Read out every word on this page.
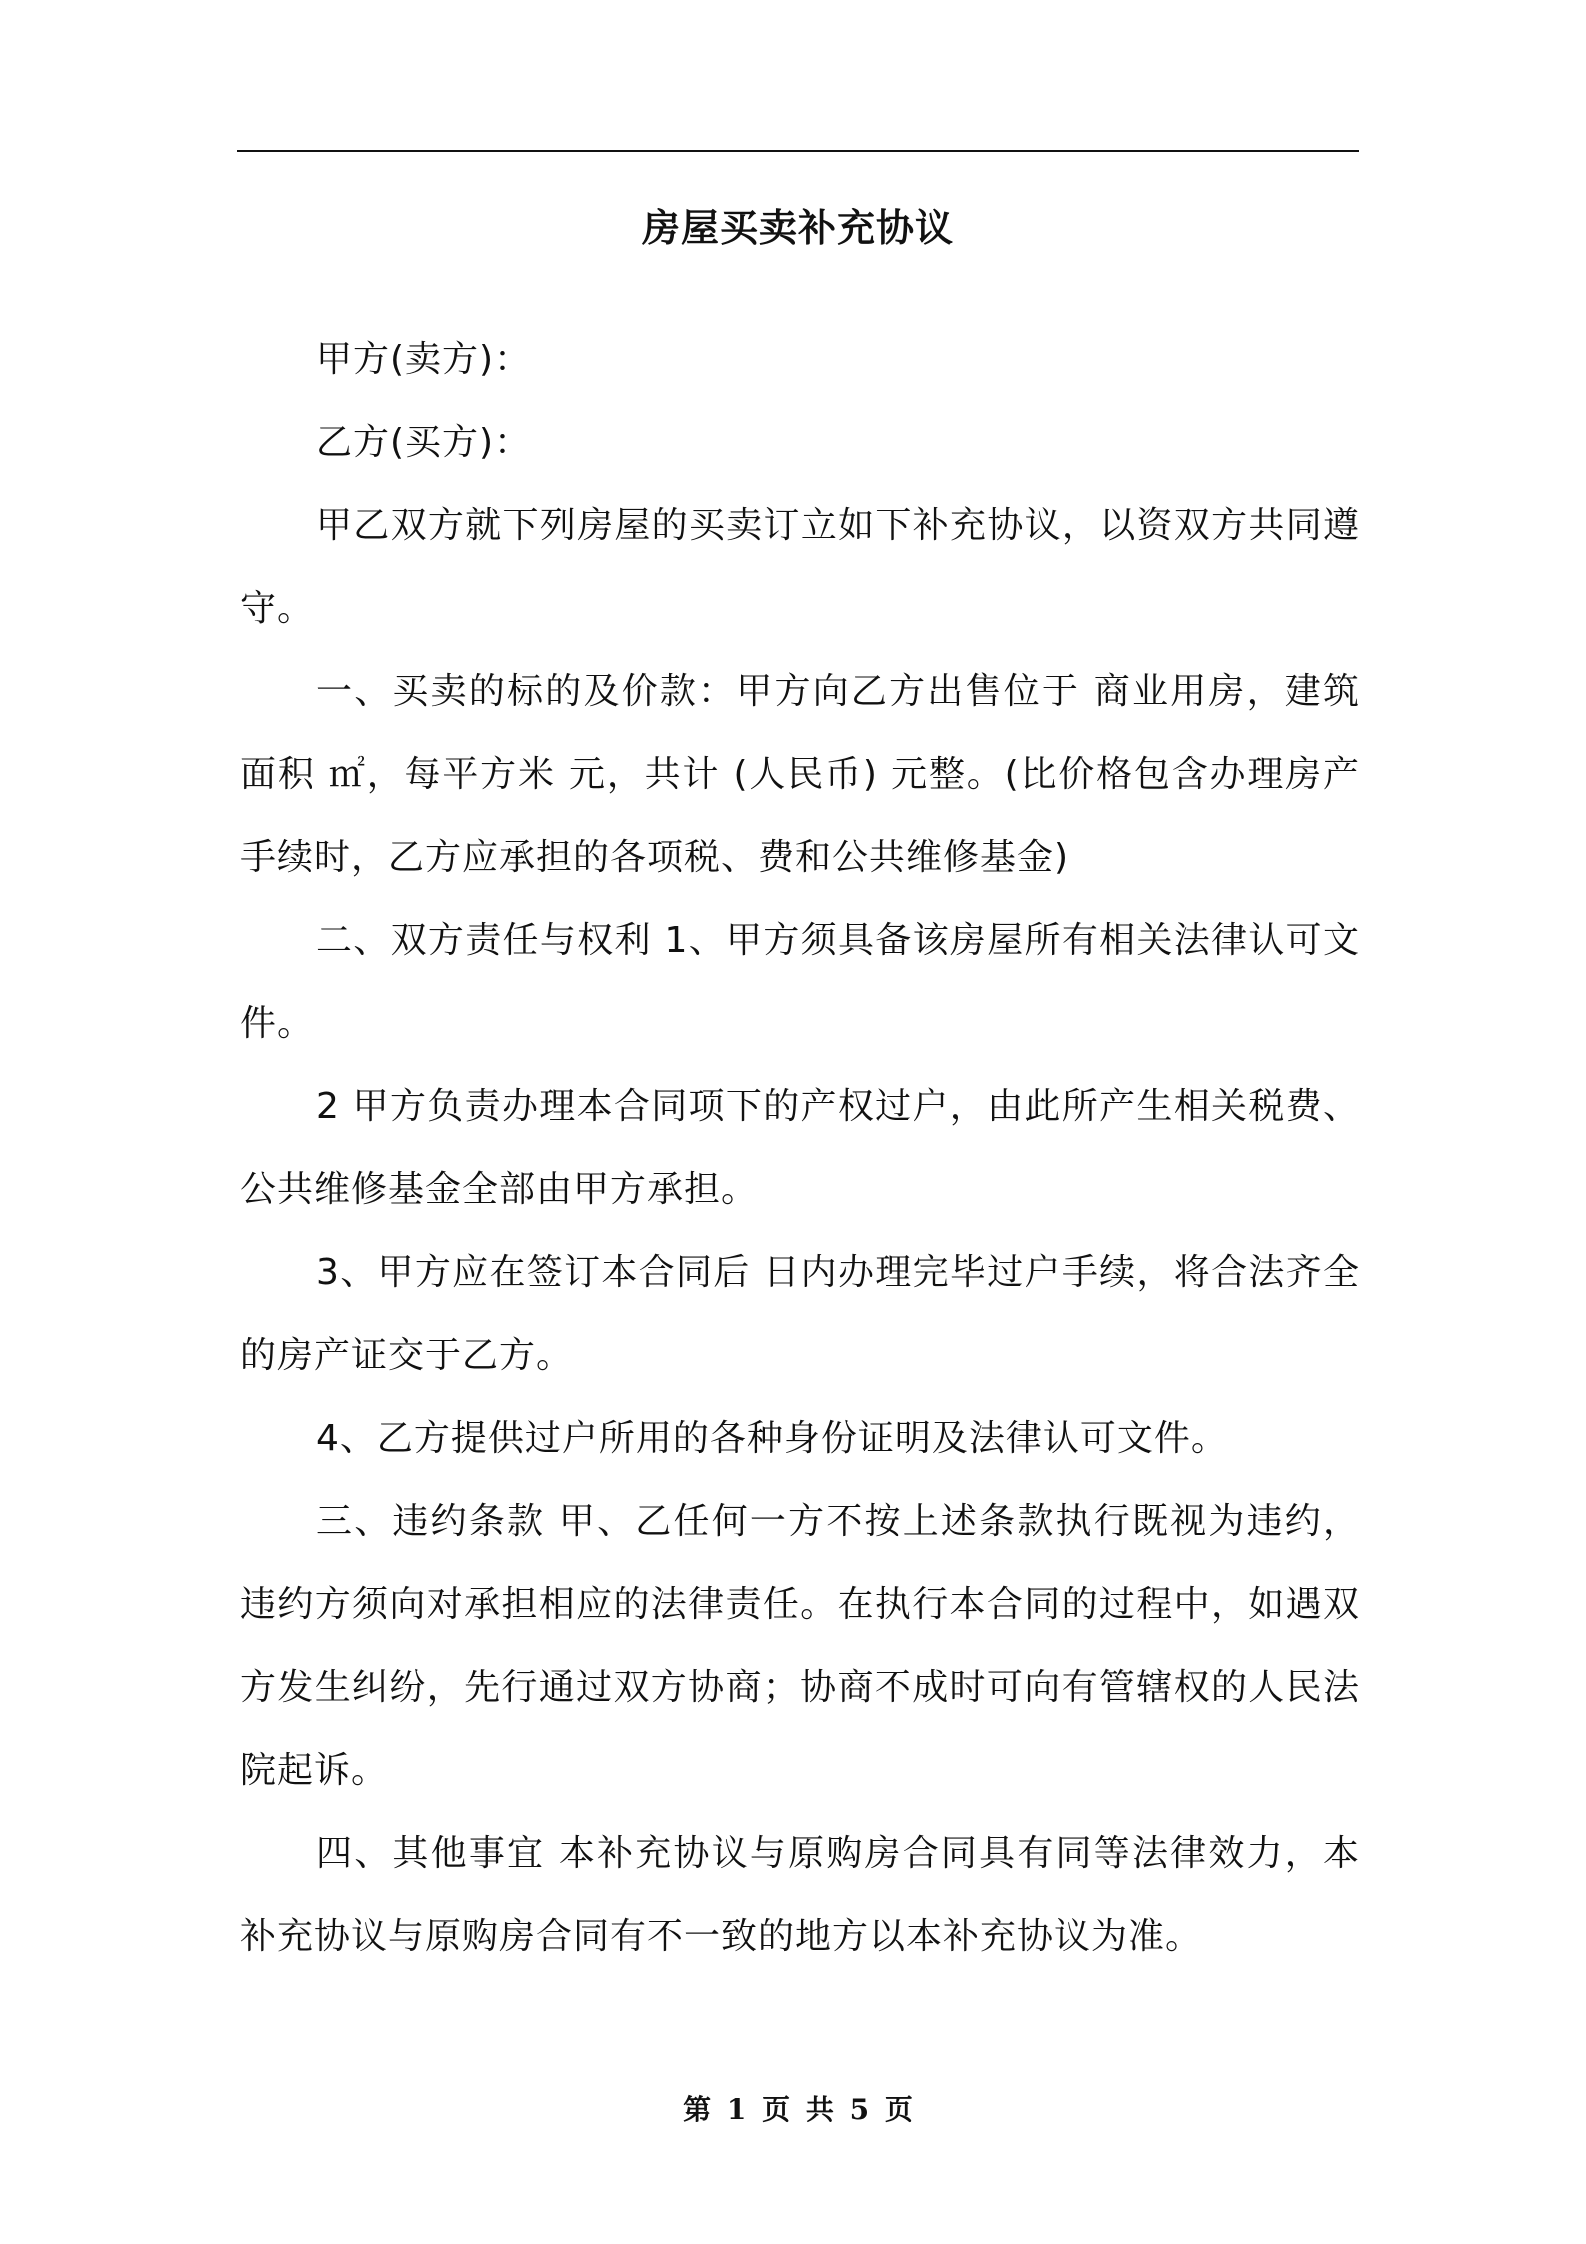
房屋买卖补充协议

甲方(卖方)：

乙方(买方)：

甲乙双方就下列房屋的买卖订立如下补充协议，以资双方共同遵守。

一、买卖的标的及价款：甲方向乙方出售位于 商业用房，建筑面积 ㎡，每平方米 元，共计 (人民币) 元整。(比价格包含办理房产手续时，乙方应承担的各项税、费和公共维修基金)

二、双方责任与权利 1、甲方须具备该房屋所有相关法律认可文件。

2 甲方负责办理本合同项下的产权过户，由此所产生相关税费、公共维修基金全部由甲方承担。

3、甲方应在签订本合同后 日内办理完毕过户手续，将合法齐全的房产证交于乙方。

4、乙方提供过户所用的各种身份证明及法律认可文件。

三、违约条款 甲、乙任何一方不按上述条款执行既视为违约，违约方须向对承担相应的法律责任。在执行本合同的过程中，如遇双方发生纠纷，先行通过双方协商；协商不成时可向有管辖权的人民法院起诉。

四、其他事宜 本补充协议与原购房合同具有同等法律效力，本补充协议与原购房合同有不一致的地方以本补充协议为准。

第 1 页 共 5 页
